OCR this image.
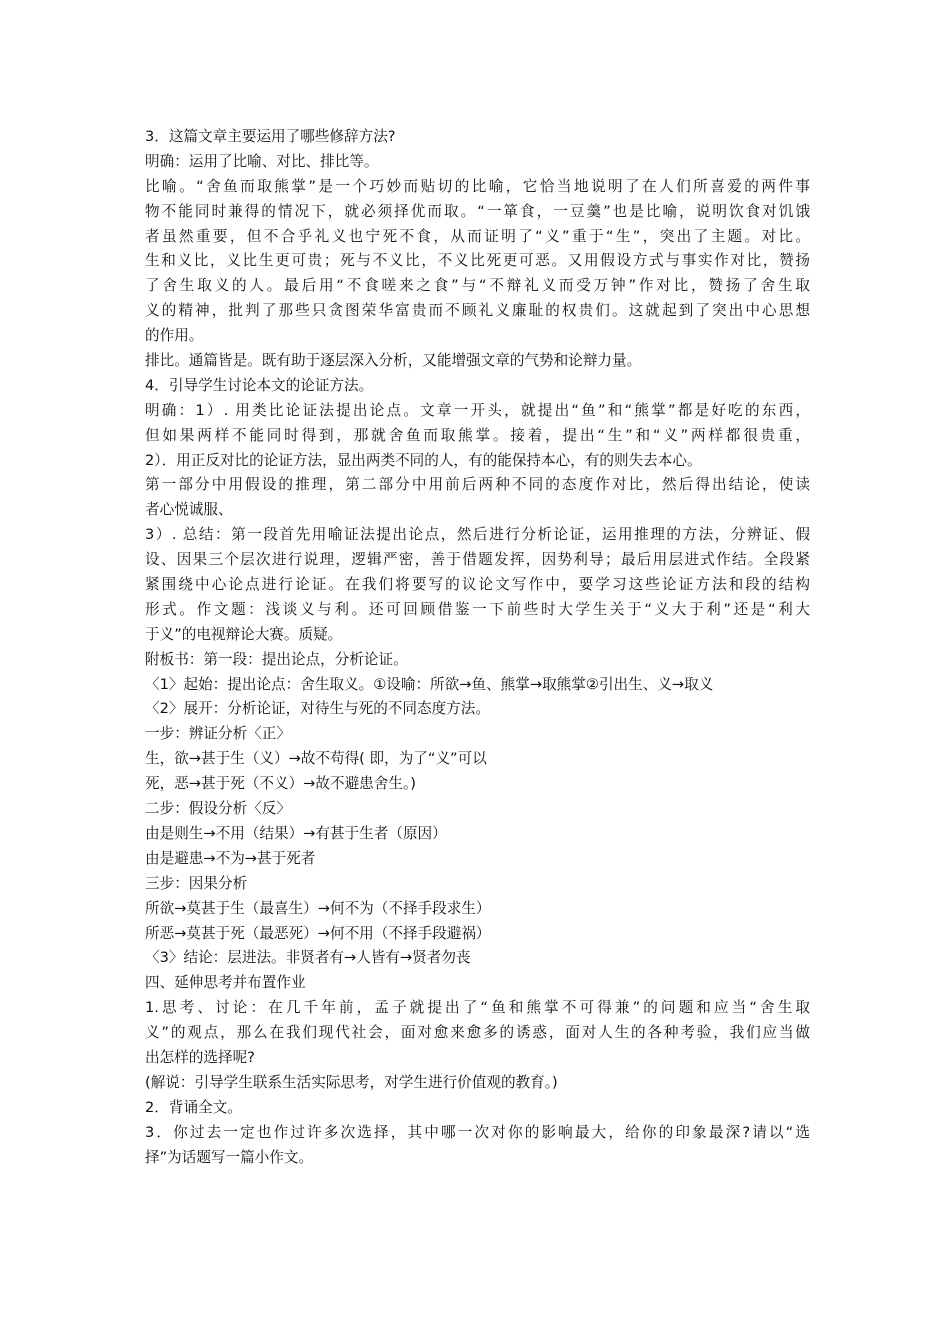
3．这篇文章主要运用了哪些修辞方法?
明确：运用了比喻、对比、排比等。
比喻。“舍鱼而取熊掌”是一个巧妙而贴切的比喻，它恰当地说明了在人们所喜爱的两件事
物不能同时兼得的情况下，就必须择优而取。“一箪食，一豆羹”也是比喻，说明饮食对饥饿
者虽然重要，但不合乎礼义也宁死不食，从而证明了“义”重于“生”，突出了主题。对比。
生和义比，义比生更可贵；死与不义比，不义比死更可恶。又用假设方式与事实作对比，赞扬
了舍生取义的人。最后用“不食嗟来之食”与“不辩礼义而受万钟”作对比，赞扬了舍生取
义的精神，批判了那些只贪图荣华富贵而不顾礼义廉耻的权贵们。这就起到了突出中心思想
的作用。
排比。通篇皆是。既有助于逐层深入分析，又能增强文章的气势和论辩力量。
4．引导学生讨论本文的论证方法。
明确：1）. 用类比论证法提出论点。文章一开头，就提出“鱼”和“熊掌”都是好吃的东西，
但如果两样不能同时得到，那就舍鱼而取熊掌。接着，提出“生”和“义”两样都很贵重，
2）．用正反对比的论证方法，显出两类不同的人，有的能保持本心，有的则失去本心。
第一部分中用假设的推理，第二部分中用前后两种不同的态度作对比，然后得出结论，使读
者心悦诚服、
3）. 总结：第一段首先用喻证法提出论点，然后进行分析论证，运用推理的方法，分辨证、假
设、因果三个层次进行说理，逻辑严密，善于借题发挥，因势利导；最后用层进式作结。全段紧
紧围绕中心论点进行论证。在我们将要写的议论文写作中，要学习这些论证方法和段的结构
形式。作文题：浅谈义与利。还可回顾借鉴一下前些时大学生关于“义大于利”还是“利大
于义”的电视辩论大赛。质疑。
附板书：第一段：提出论点，分析论证。
〈1〉起始：提出论点：舍生取义。①设喻：所欲→鱼、熊掌→取熊掌②引出生、义→取义
〈2〉展开：分析论证，对待生与死的不同态度方法。
一步：辨证分析〈正〉
生，欲→甚于生（义）→故不苟得( 即，为了“义”可以
死，恶→甚于死（不义）→故不避患舍生。)
二步：假设分析〈反〉
由是则生→不用（结果）→有甚于生者（原因）
由是避患→不为→甚于死者
三步：因果分析
所欲→莫甚于生（最喜生）→何不为（不择手段求生）
所恶→莫甚于死（最恶死）→何不用（不择手段避祸）
〈3〉结论：层进法。非贤者有→人皆有→贤者勿丧
四、延伸思考并布置作业
1.思考、讨论：在几千年前，孟子就提出了“鱼和熊掌不可得兼”的问题和应当“舍生取
义”的观点，那么在我们现代社会，面对愈来愈多的诱惑，面对人生的各种考验，我们应当做
出怎样的选择呢?
(解说：引导学生联系生活实际思考，对学生进行价值观的教育。)
2．背诵全文。
3．你过去一定也作过许多次选择，其中哪一次对你的影响最大，给你的印象最深?请以“选
择”为话题写一篇小作文。
